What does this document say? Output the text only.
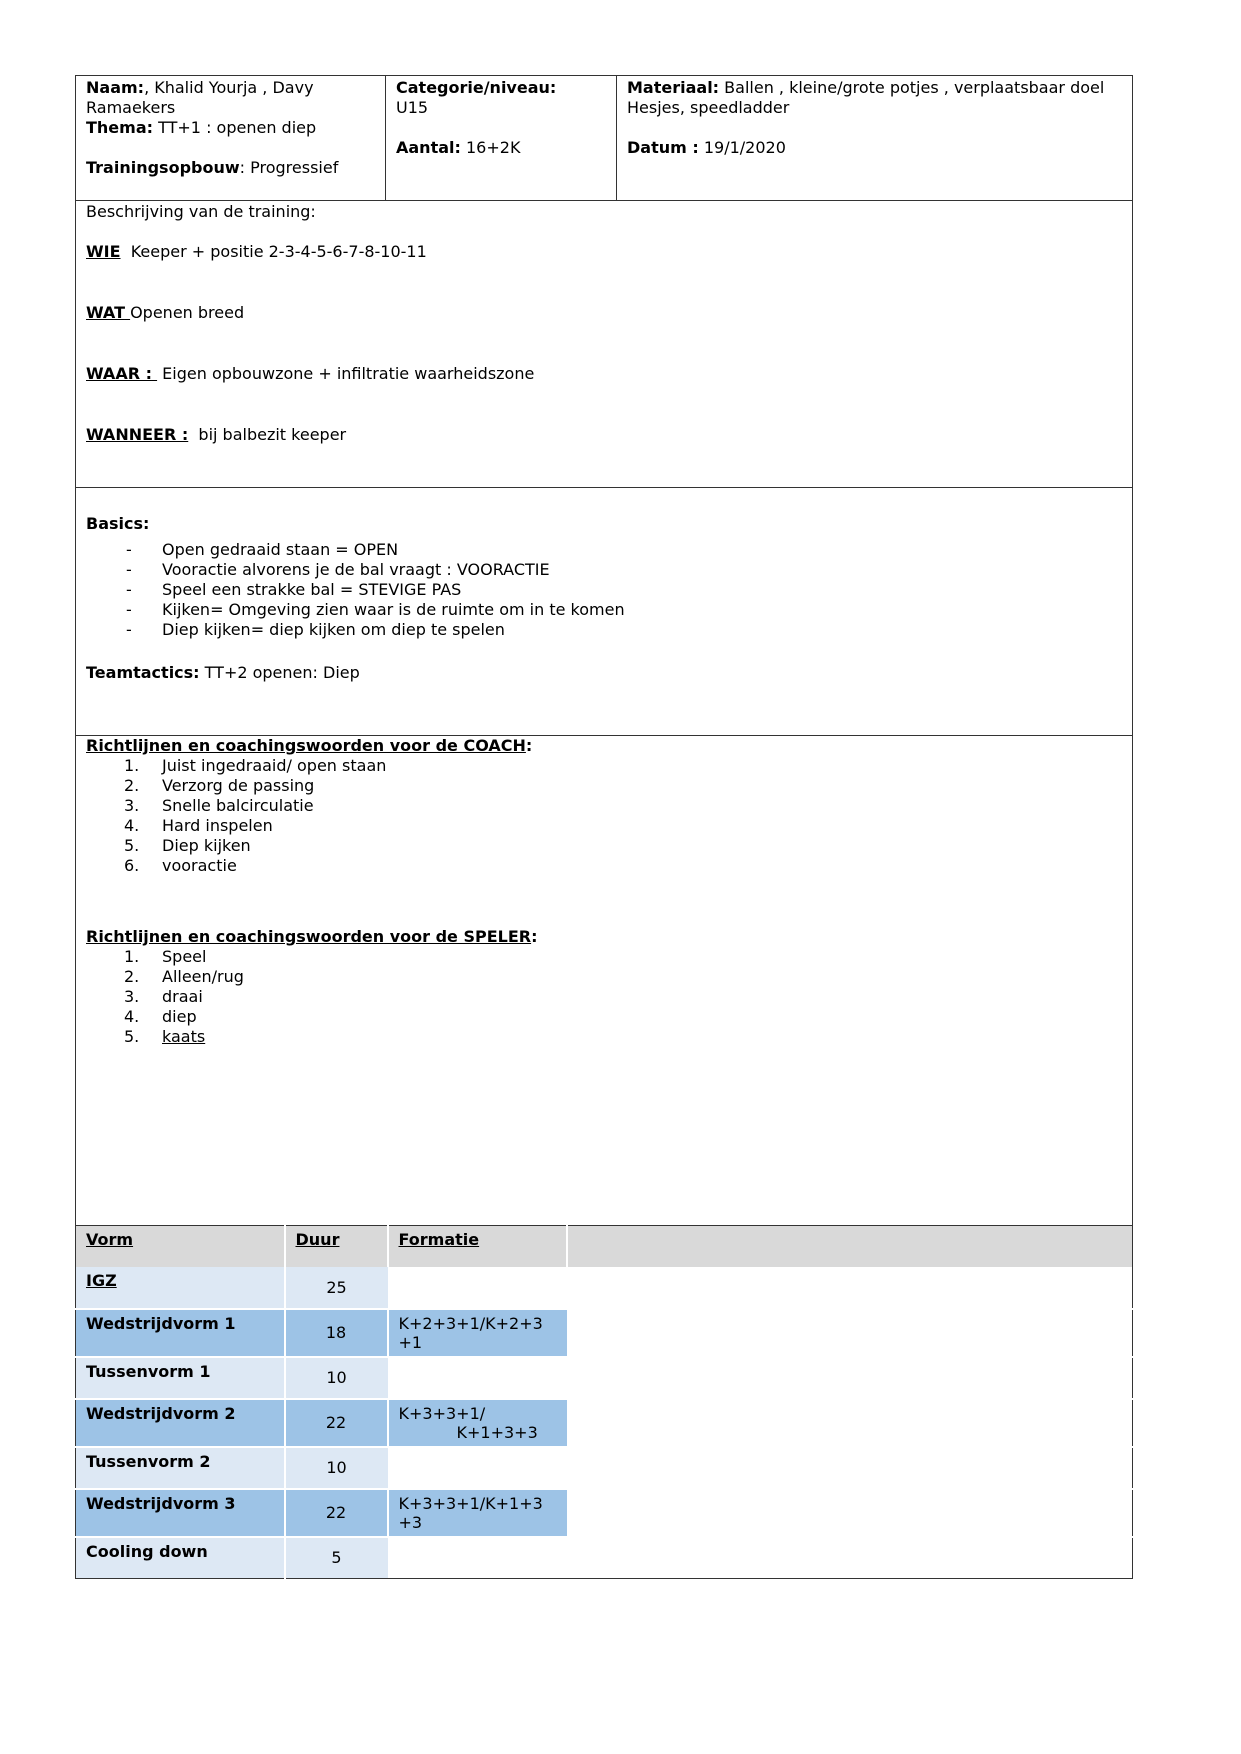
Naam:, Khalid Yourja , Davy Ramaekers
Thema: TT+1 : openen diep
Trainingsopbouw: Progressief
Categorie/niveau:
U15
Aantal: 16+2K
Materiaal: Ballen , kleine/grote potjes , verplaatsbaar doel
Hesjes, speedladder
Datum : 19/1/2020
Beschrijving van de training:
WIE Keeper + positie 2-3-4-5-6-7-8-10-11
WAT Openen breed
WAAR : Eigen opbouwzone + infiltratie waarheidszone
WANNEER : bij balbezit keeper
Basics:
- Open gedraaid staan = OPEN
- Vooractie alvorens je de bal vraagt : VOORACTIE
- Speel een strakke bal = STEVIGE PAS
- Kijken= Omgeving zien waar is de ruimte om in te komen
- Diep kijken= diep kijken om diep te spelen
Teamtactics: TT+2 openen: Diep
Richtlijnen en coachingswoorden voor de COACH:
1. Juist ingedraaid/ open staan
2. Verzorg de passing
3. Snelle balcirculatie
4. Hard inspelen
5. Diep kijken
6. vooractie
Richtlijnen en coachingswoorden voor de SPELER:
1. Speel
2. Alleen/rug
3. draai
4. diep
5. kaats
Vorm	Duur	Formatie	
IGZ	25		
Wedstrijdvorm 1	18	K+2+3+1/K+2+3 +1	
Tussenvorm 1	10		
Wedstrijdvorm 2	22	K+3+3+1/
K+1+3+3	

Tussenvorm 2	10		
Wedstrijdvorm 3	22	K+3+3+1/K+1+3 +3	
Cooling down	5		
